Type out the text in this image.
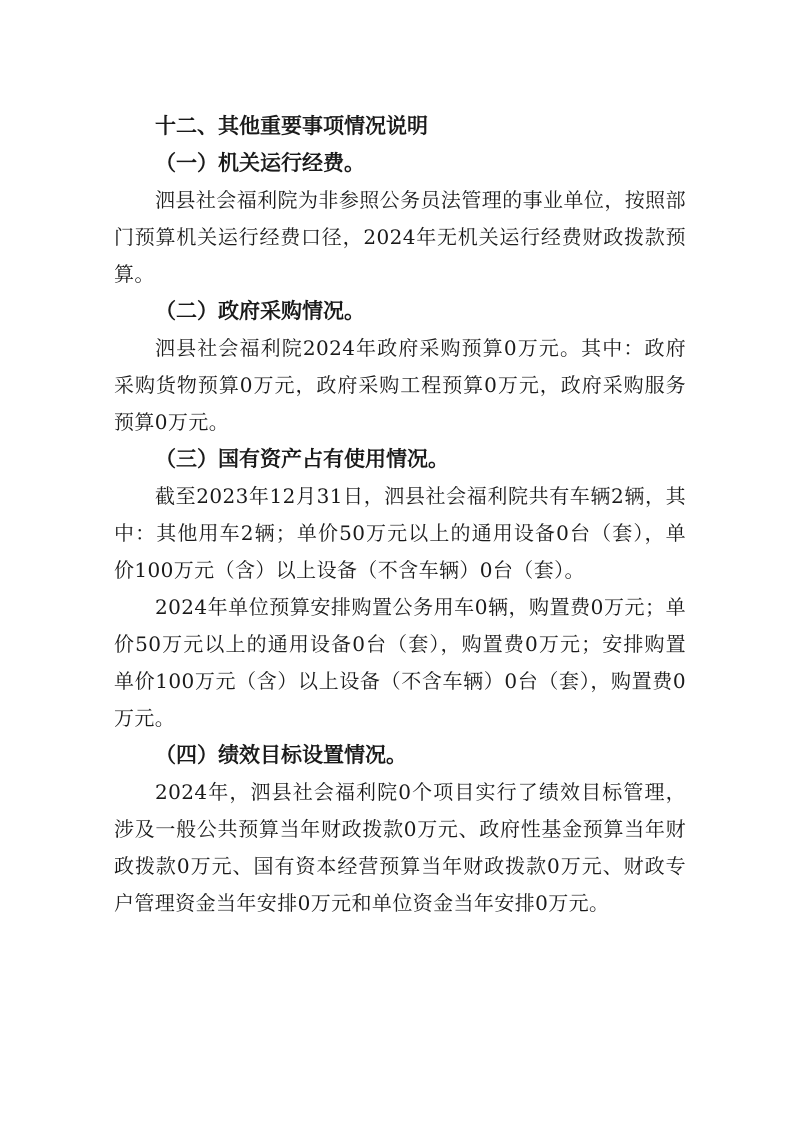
十二、其他重要事项情况说明

（一）机关运行经费。

泗县社会福利院为非参照公务员法管理的事业单位，按照部门预算机关运行经费口径，2024年无机关运行经费财政拨款预算。

（二）政府采购情况。

泗县社会福利院2024年政府采购预算0万元。其中：政府采购货物预算0万元，政府采购工程预算0万元，政府采购服务预算0万元。

（三）国有资产占有使用情况。

截至2023年12月31日，泗县社会福利院共有车辆2辆，其中：其他用车2辆；单价50万元以上的通用设备0台（套），单价100万元（含）以上设备（不含车辆）0台（套）。

2024年单位预算安排购置公务用车0辆，购置费0万元；单价50万元以上的通用设备0台（套），购置费0万元；安排购置单价100万元（含）以上设备（不含车辆）0台（套），购置费0万元。

（四）绩效目标设置情况。

2024年，泗县社会福利院0个项目实行了绩效目标管理，涉及一般公共预算当年财政拨款0万元、政府性基金预算当年财政拨款0万元、国有资本经营预算当年财政拨款0万元、财政专户管理资金当年安排0万元和单位资金当年安排0万元。
